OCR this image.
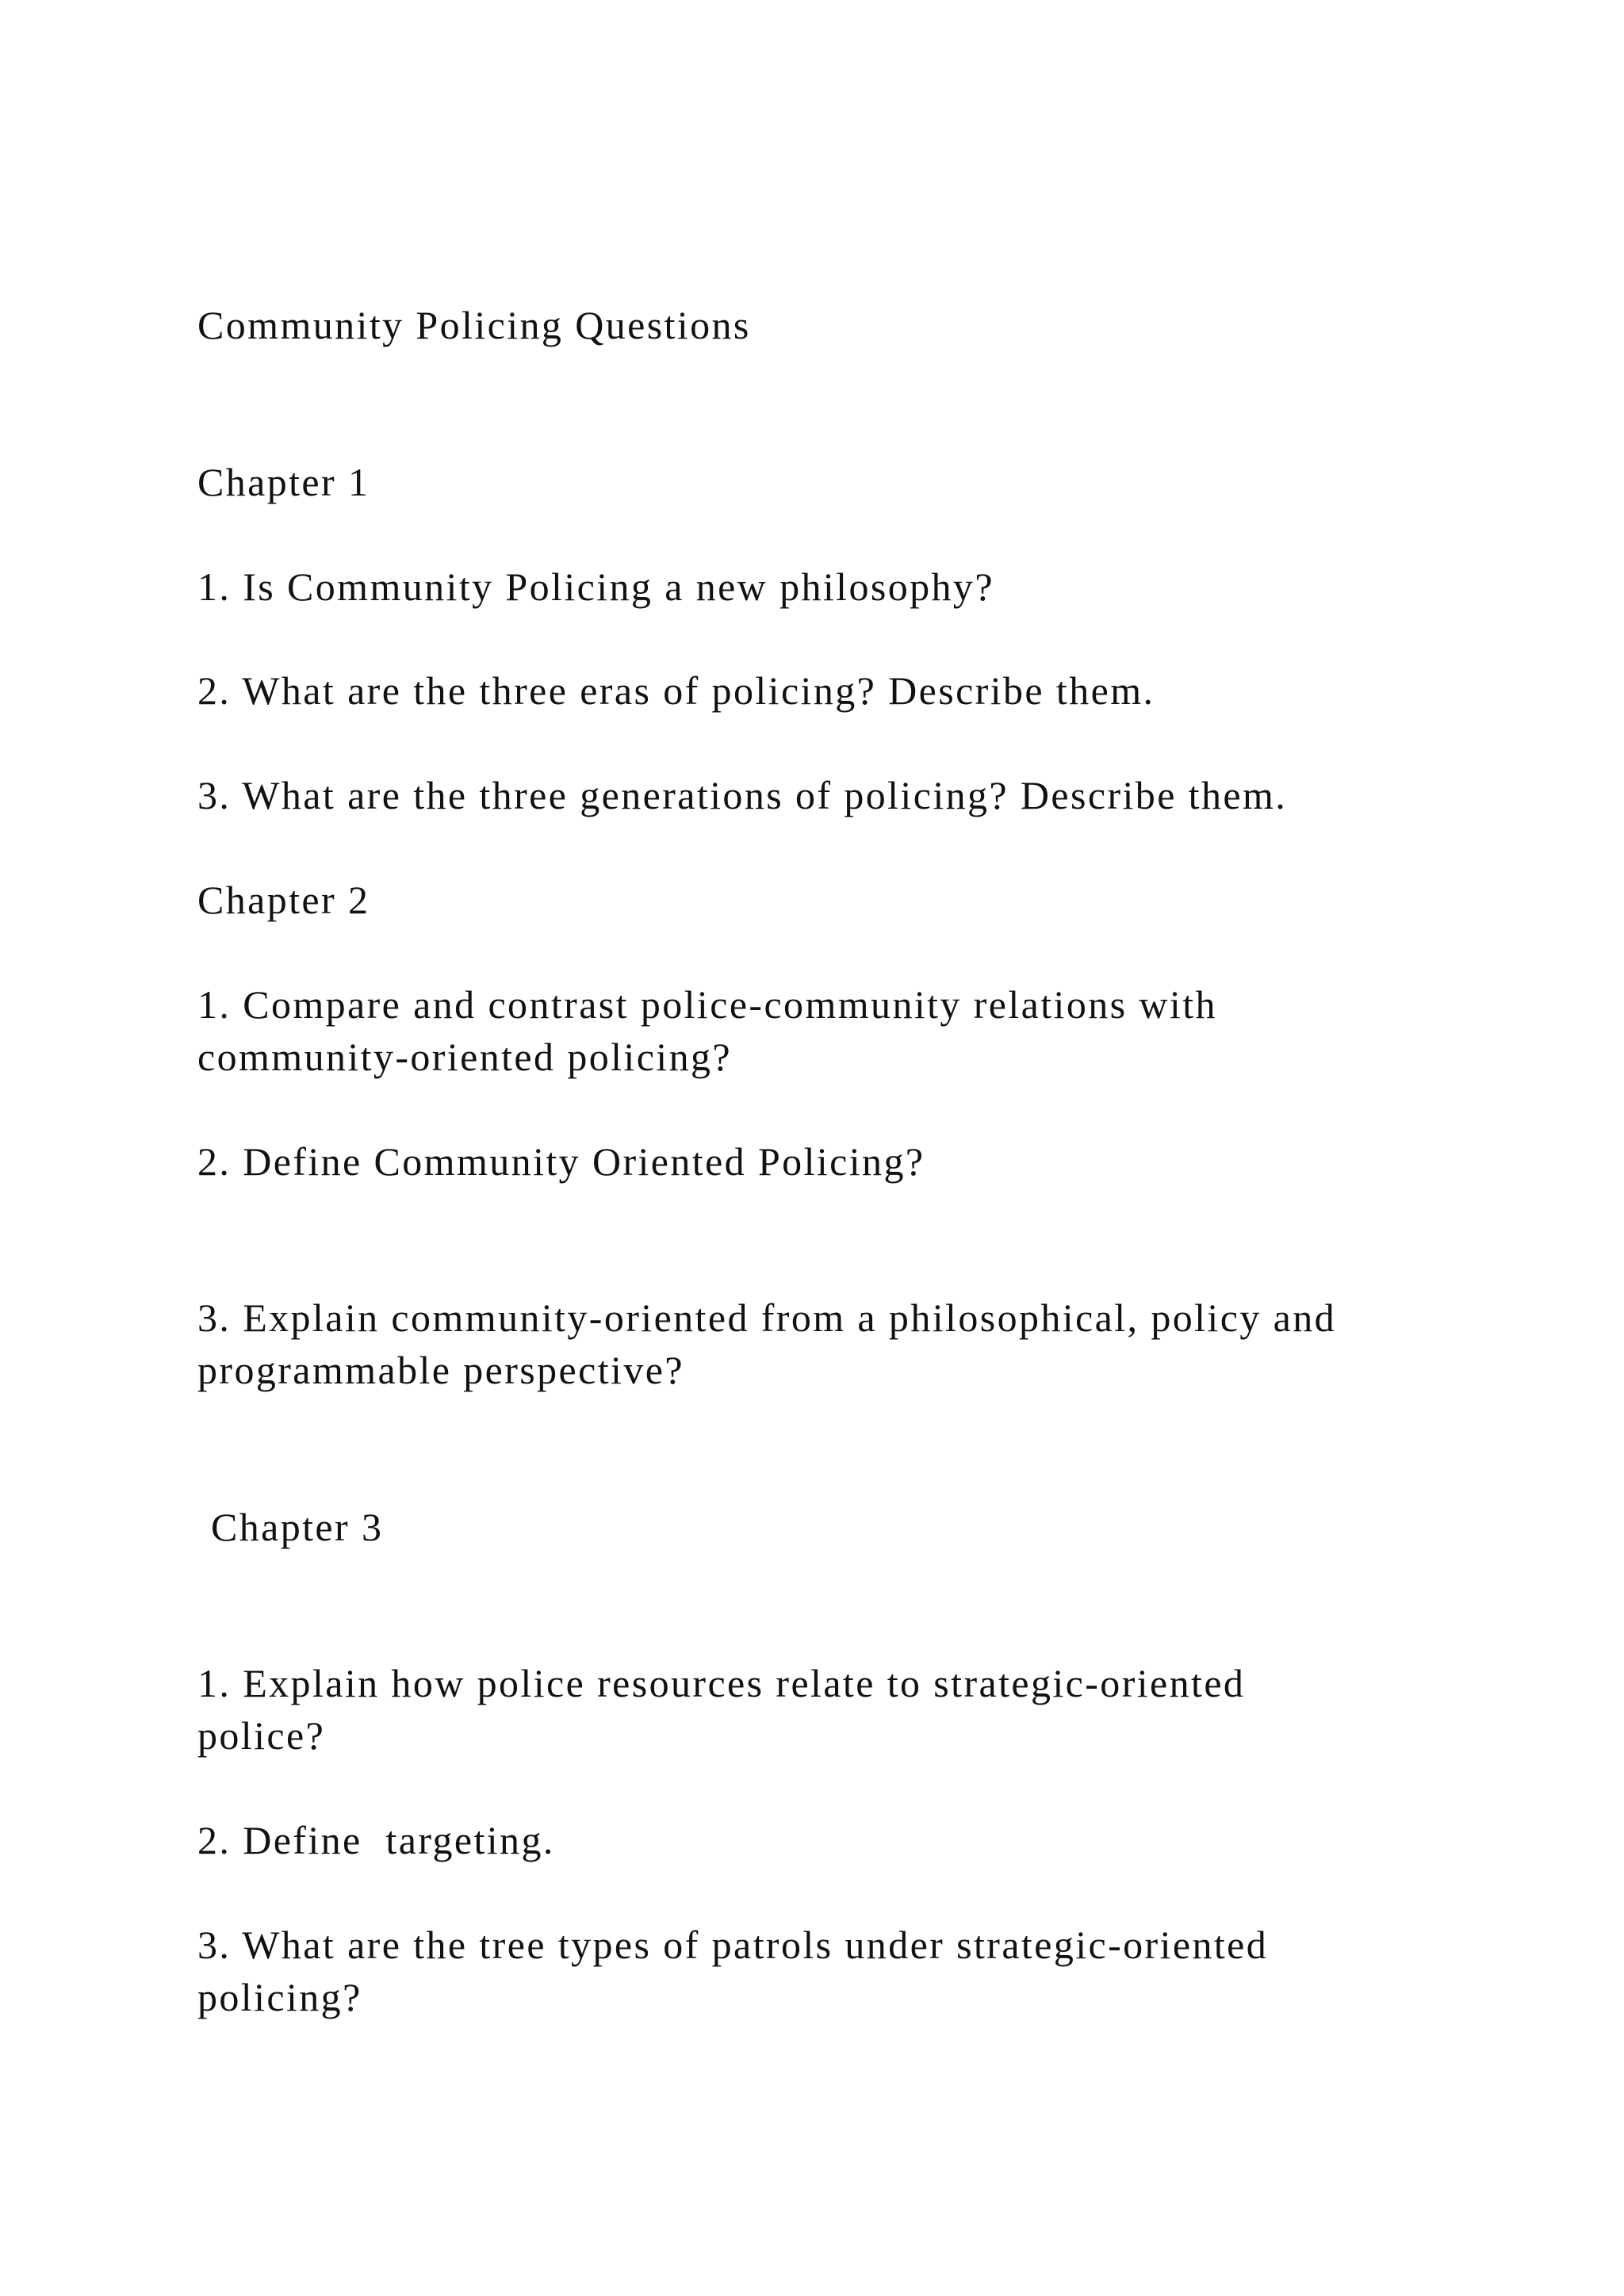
Community Policing Questions

Chapter 1

1. Is Community Policing a new philosophy?

2. What are the three eras of policing? Describe them.

3. What are the three generations of policing? Describe them.

Chapter 2

1. Compare and contrast police-community relations with

community-oriented policing?

2. Define Community Oriented Policing?

3. Explain community-oriented from a philosophical, policy and

programmable perspective?

Chapter 3

1. Explain how police resources relate to strategic-oriented

police?

2. Define  targeting.

3. What are the tree types of patrols under strategic-oriented

policing?
